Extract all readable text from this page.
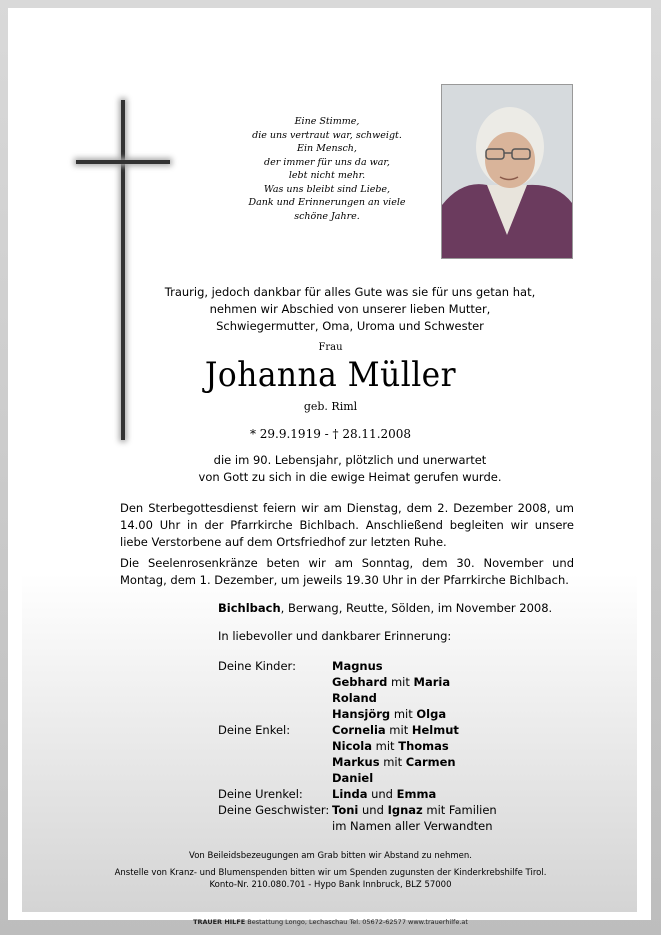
Eine Stimme,
die uns vertraut war, schweigt.
Ein Mensch,
der immer für uns da war,
lebt nicht mehr.
Was uns bleibt sind Liebe,
Dank und Erinnerungen an viele
schöne Jahre.
Traurig, jedoch dankbar für alles Gute was sie für uns getan hat,
nehmen wir Abschied von unserer lieben Mutter,
Schwiegermutter, Oma, Uroma und Schwester
Frau
Johanna Müller
geb. Riml
* 29.9.1919 - † 28.11.2008
die im 90. Lebensjahr, plötzlich und unerwartet
von Gott zu sich in die ewige Heimat gerufen wurde.
Den Sterbegottesdienst feiern wir am Dienstag, dem 2. Dezember 2008, um 14.00 Uhr in der Pfarrkirche Bichlbach. Anschließend begleiten wir unsere liebe Verstorbene auf dem Ortsfriedhof zur letzten Ruhe.
Die Seelenrosenkränze beten wir am Sonntag, dem 30. November und Montag, dem 1. Dezember, um jeweils 19.30 Uhr in der Pfarrkirche Bichlbach.
Bichlbach, Berwang, Reutte, Sölden, im November 2008.
In liebevoller und dankbarer Erinnerung:
Deine Kinder:	Magnus
Gebhard mit Maria
Roland
Hansjörg mit Olga
Deine Enkel:	Cornelia mit Helmut
Nicola mit Thomas
Markus mit Carmen
Daniel
Deine Urenkel:	Linda und Emma
Deine Geschwister: Toni und Ignaz mit Familien
im Namen aller Verwandten
Von Beileidsbezeugungen am Grab bitten wir Abstand zu nehmen.
Anstelle von Kranz- und Blumenspenden bitten wir um Spenden zugunsten der Kinderkrebshilfe Tirol.
Konto-Nr. 210.080.701 - Hypo Bank Innbruck, BLZ 57000
TRAUER HILFE Bestattung Longo, Lechaschau Tel. 05672-62577 www.trauerhilfe.at
